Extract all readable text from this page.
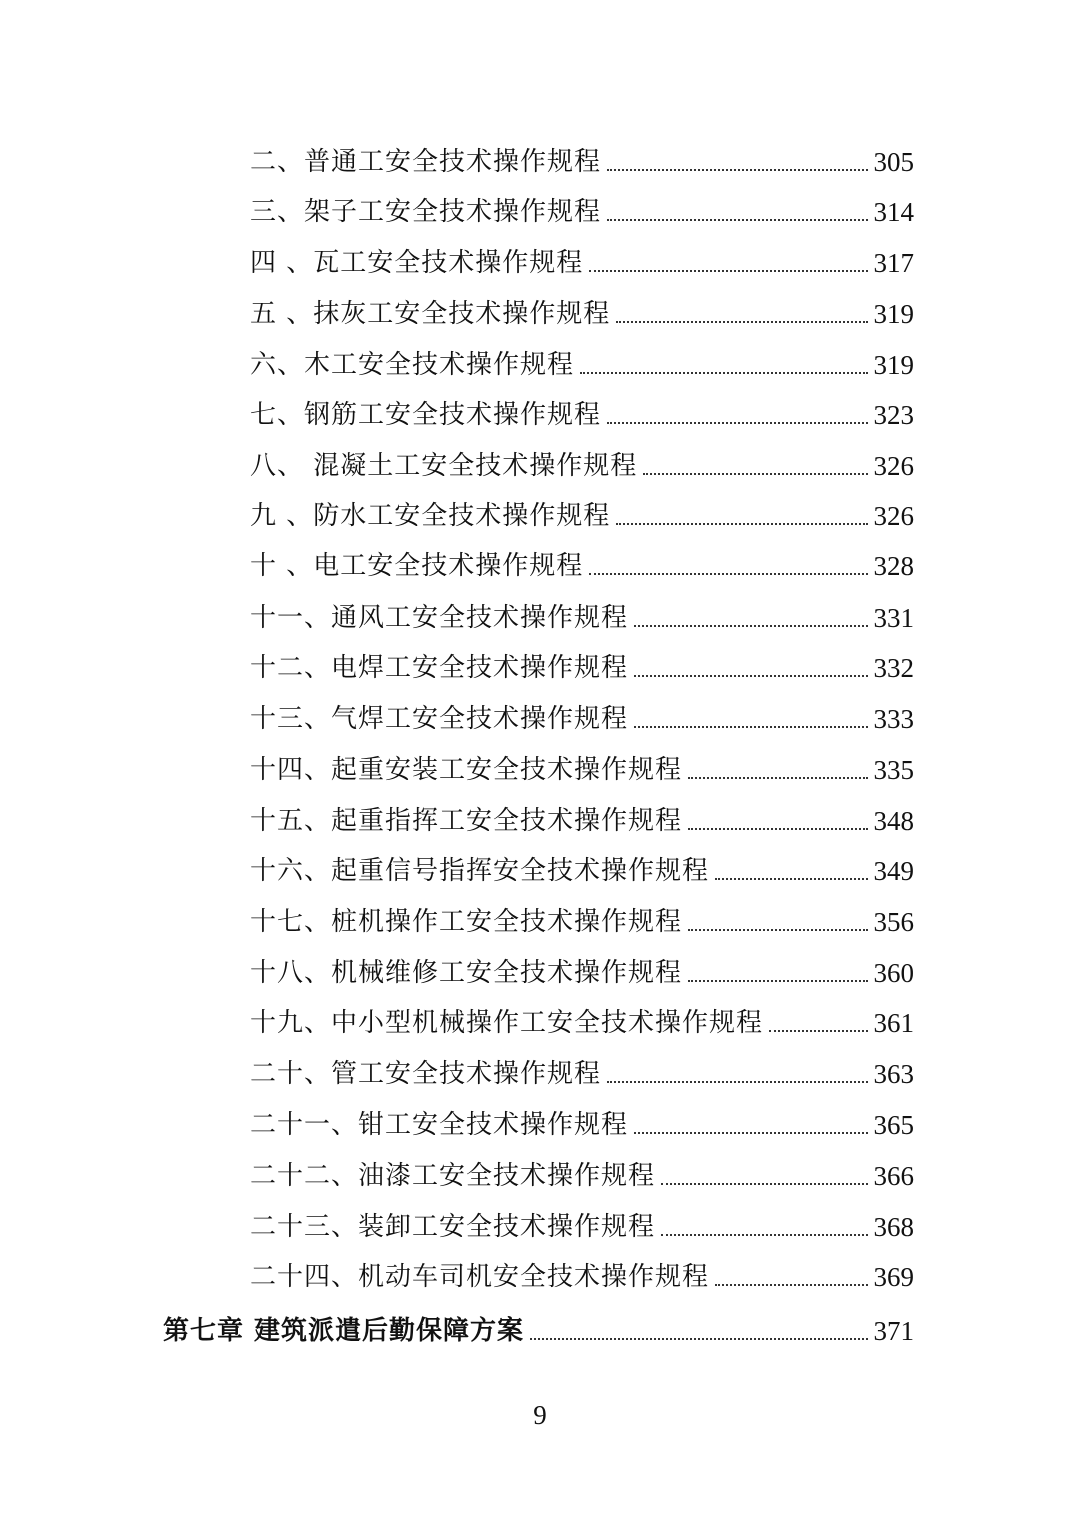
二、普通工安全技术操作规程	305
三、架子工安全技术操作规程	314
四 、瓦工安全技术操作规程	317
五 、抹灰工安全技术操作规程	319
六、木工安全技术操作规程	319
七、钢筋工安全技术操作规程	323
八、 混凝土工安全技术操作规程	326
九 、防水工安全技术操作规程	326
十 、电工安全技术操作规程	328
十一、通风工安全技术操作规程	331
十二、电焊工安全技术操作规程	332
十三、气焊工安全技术操作规程	333
十四、起重安装工安全技术操作规程	335
十五、起重指挥工安全技术操作规程	348
十六、起重信号指挥安全技术操作规程	349
十七、桩机操作工安全技术操作规程	356
十八、机械维修工安全技术操作规程	360
十九、中小型机械操作工安全技术操作规程	361
二十、管工安全技术操作规程	363
二十一、钳工安全技术操作规程	365
二十二、油漆工安全技术操作规程	366
二十三、装卸工安全技术操作规程	368
二十四、机动车司机安全技术操作规程	369
第七章 建筑派遣后勤保障方案	371
9
